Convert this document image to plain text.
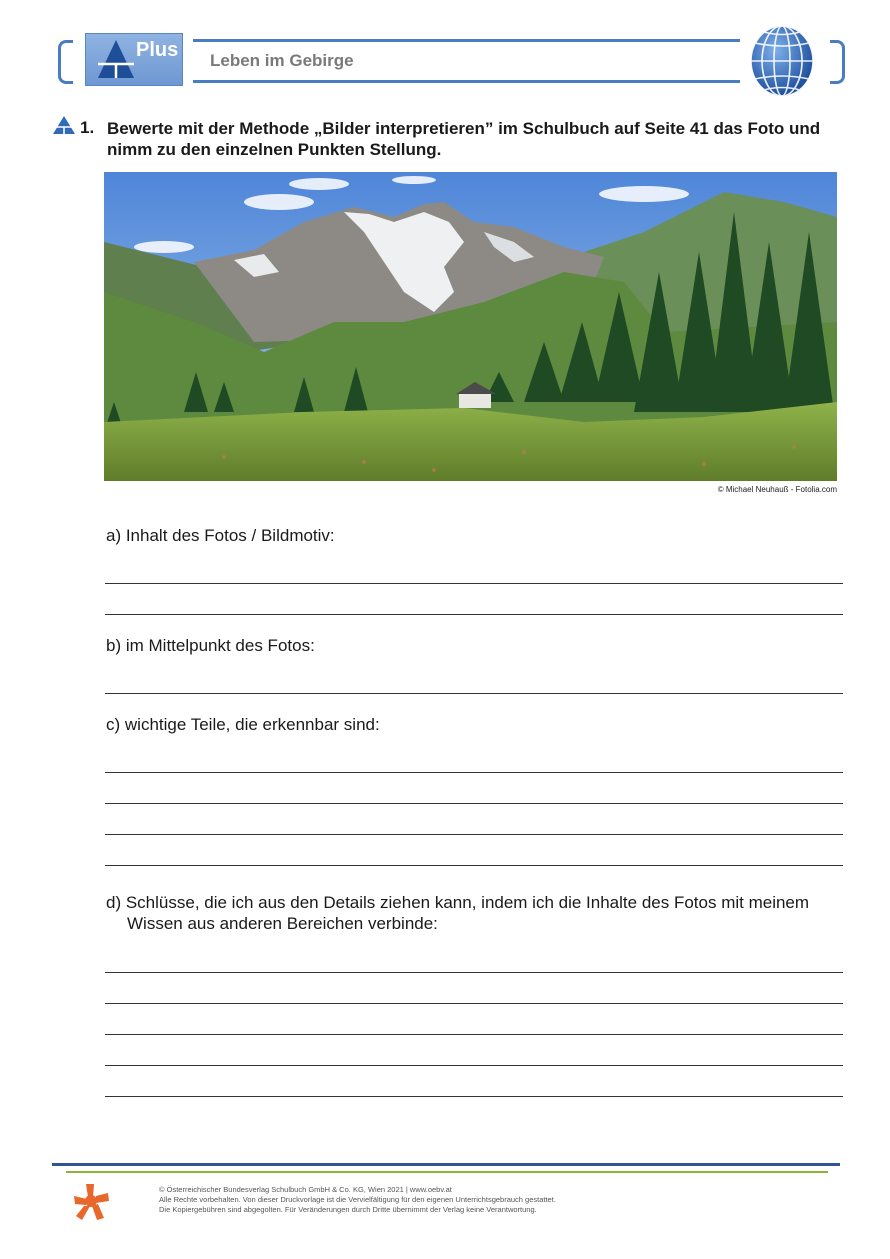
Plus Leben im Gebirge
1. Bewerte mit der Methode „Bilder interpretieren” im Schulbuch auf Seite 41 das Foto und nimm zu den einzelnen Punkten Stellung.
© Michael Neuhauß - Fotolia.com
a) Inhalt des Fotos / Bildmotiv:
b) im Mittelpunkt des Fotos:
c) wichtige Teile, die erkennbar sind:
d) Schlüsse, die ich aus den Details ziehen kann, indem ich die Inhalte des Fotos mit meinem Wissen aus anderen Bereichen verbinde:
© Österreichischer Bundesverlag Schulbuch GmbH & Co. KG, Wien 2021 | www.oebv.at
Alle Rechte vorbehalten. Von dieser Druckvorlage ist die Vervielfältigung für den eigenen Unterrichtsgebrauch gestattet.
Die Kopiergebühren sind abgegolten. Für Veränderungen durch Dritte übernimmt der Verlag keine Verantwortung.
